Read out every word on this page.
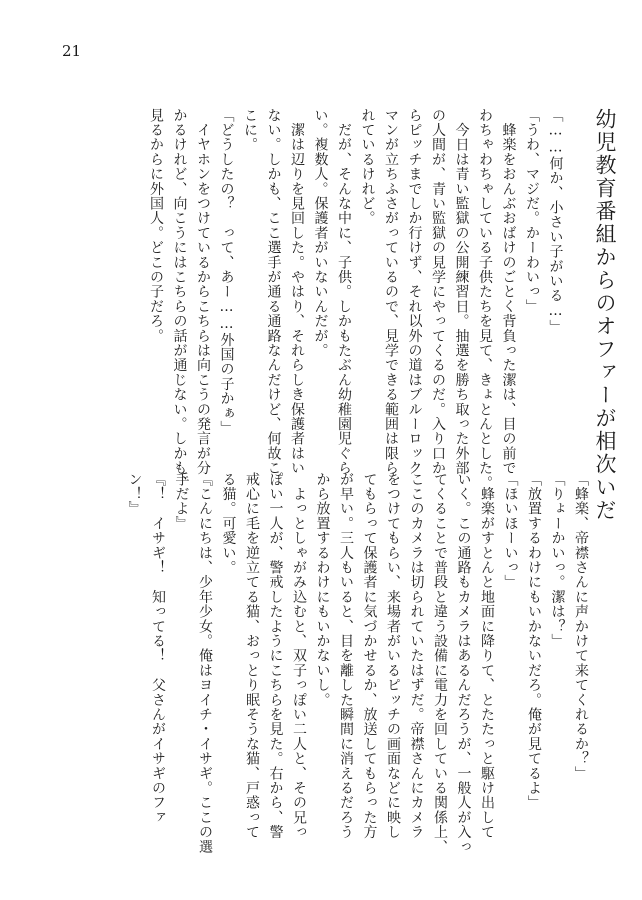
21
幼児教育番組からのオファーが相次いだ
「……何か、小さい子がいる…」
「うわ、マジだ。かーわいっ」
　蜂楽をおんぶおばけのごとく背負った潔は、目の前で
わちゃわちゃしている子供たちを見て、きょとんとした。
　今日は青い監獄の公開練習日。抽選を勝ち取った外部
の人間が、青い監獄の見学にやってくるのだ。入り口か
らピッチまでしか行けず、それ以外の道はブルーロック
マンが立ちふさがっているので、見学できる範囲は限ら
れているけれど。
　だが、そんな中に、子供。しかもたぶん幼稚園児ぐら
い。複数人。保護者がいないんだが。
　潔は辺りを見回した。やはり、それらしき保護者はい
ない。しかも、ここ選手が通る通路なんだけど、何故こ
こに。
「どうしたの？　って、あー……外国の子かぁ」
　イヤホンをつけているからこちらは向こうの発言が分
かるけれど、向こうにはこちらの話が通じない。しかも、
見るからに外国人。どこの子だろ。
「蜂楽、帝襟さんに声かけて来てくれるか？」
「りょーかいっ。潔は？」
「放置するわけにもいかないだろ。俺が見てるよ」
「ほいほーいっ」
　蜂楽がすとんと地面に降りて、とたたっと駆け出して
いく。この通路もカメラはあるんだろうが、一般人が入っ
てくることで普段と違う設備に電力を回している関係上、
ここのカメラは切られていたはずだ。帝襟さんにカメラ
をつけてもらい、来場者がいるピッチの画面などに映し
てもらって保護者に気づかせるか、放送してもらった方
が早い。三人もいると、目を離した瞬間に消えるだろう
から放置するわけにもいかないし。
　よっとしゃがみ込むと、双子っぽい二人と、その兄っ
ぽい一人が、警戒したようにこちらを見た。右から、警
戒心に毛を逆立てる猫、おっとり眠そうな猫、戸惑って
る猫。可愛い。
『こんにちは、少年少女。俺はヨイチ・イサギ。ここの選
手だよ』
『！　イサギ！　知ってる！　父さんがイサギのファ
ン！』
